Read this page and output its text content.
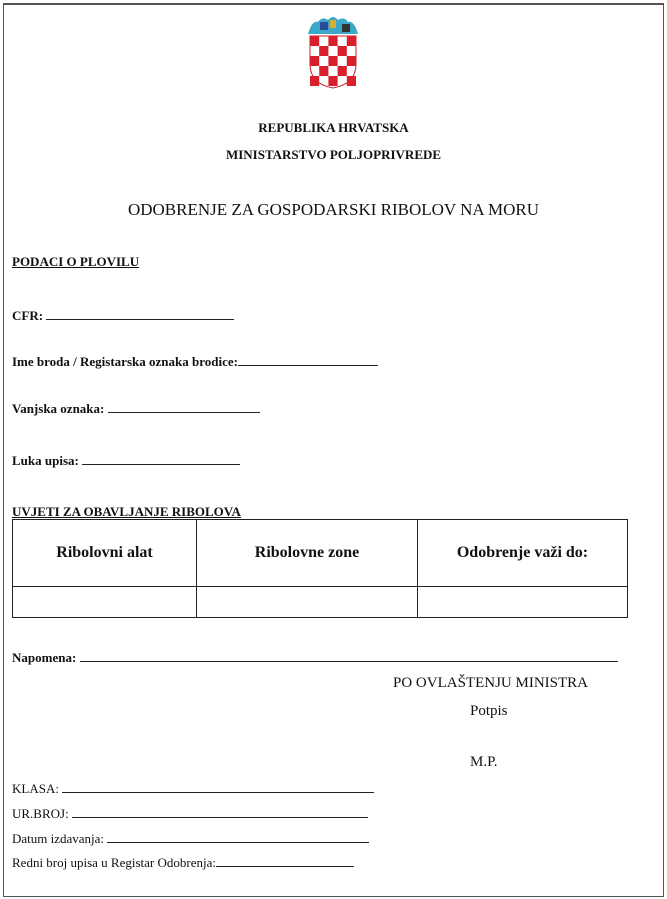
REPUBLIKA HRVATSKA
MINISTARSTVO POLJOPRIVREDE
ODOBRENJE ZA GOSPODARSKI RIBOLOV NA MORU
PODACI O PLOVILU
CFR:
Ime broda / Registarska oznaka brodice:
Vanjska oznaka:
Luka upisa:
UVJETI ZA OBAVLJANJE RIBOLOVA
Ribolovni alat	Ribolovne zone	Odobrenje važi do:

Napomena:
PO OVLAŠTENJU MINISTRA
Potpis
M.P.
KLASA:
UR.BROJ:
Datum izdavanja:
Redni broj upisa u Registar Odobrenja:
